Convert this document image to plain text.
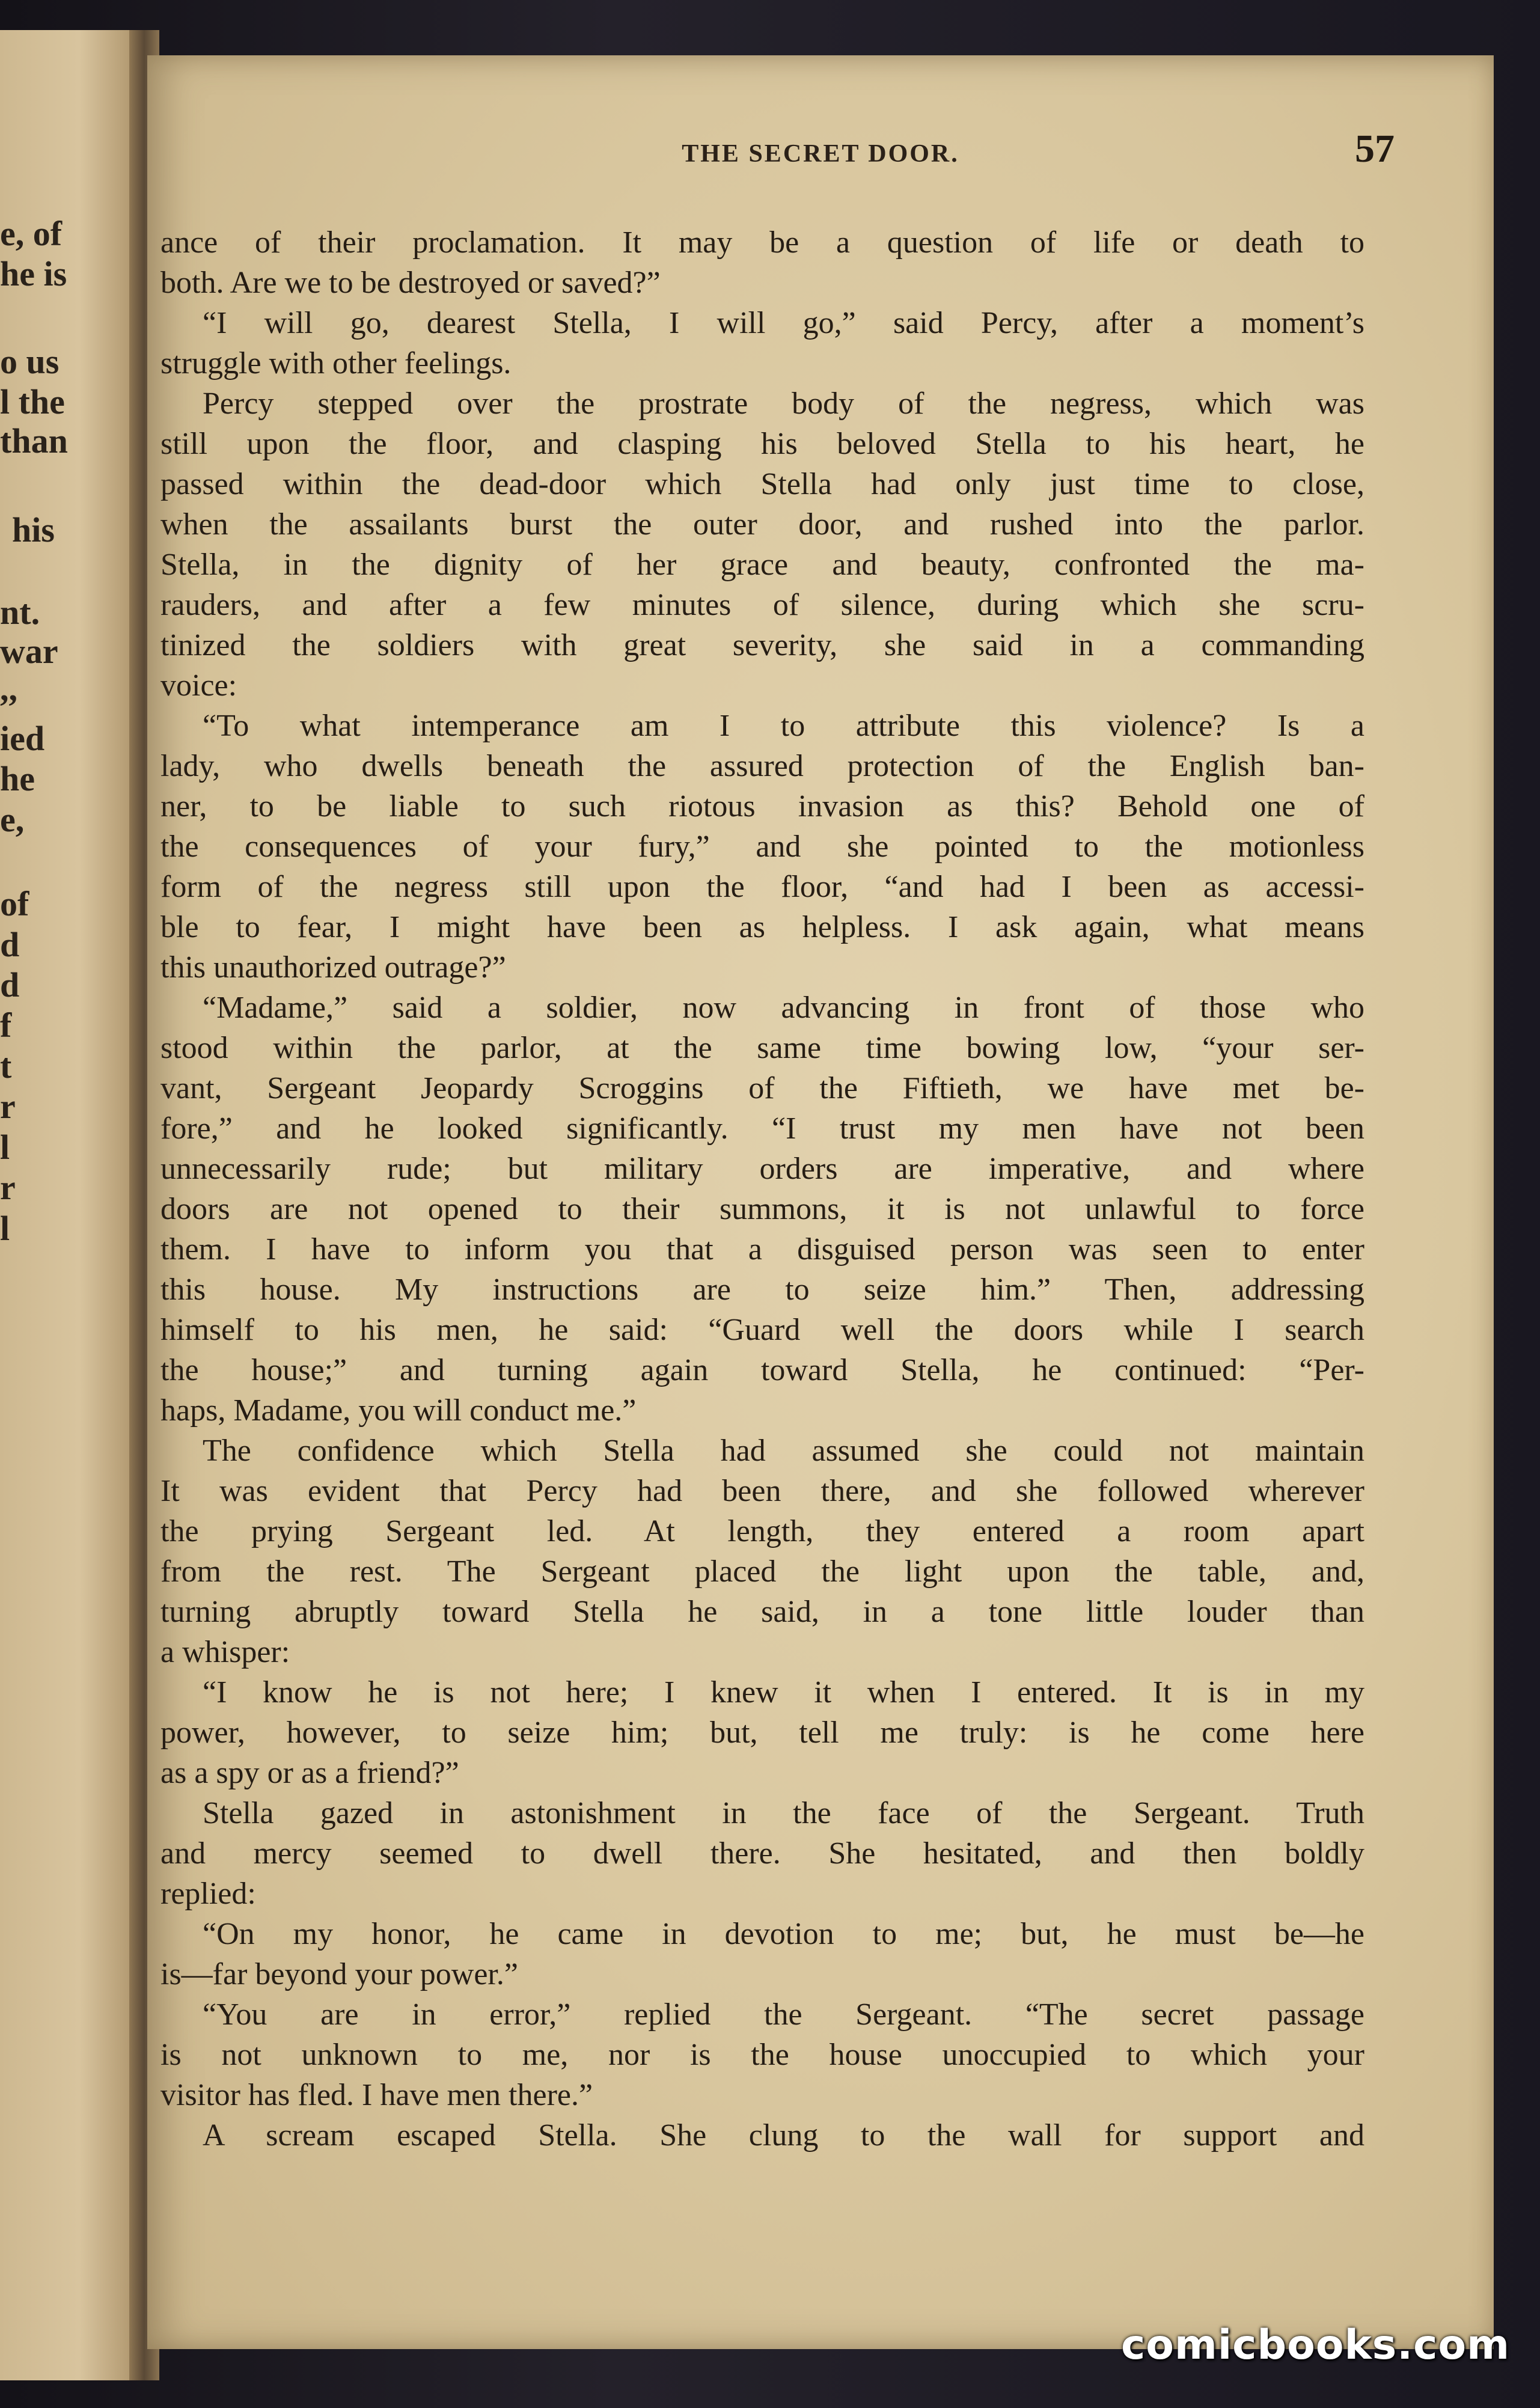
e, of
he is
o us
l the
than
his
nt.
war
,,
ied
he
e,
of
d
d
f
t
r
l
r
l
THE SECRET DOOR.	57
ance of their proclamation. It may be a question of life or death to
both. Are we to be destroyed or saved?”
“I will go, dearest Stella, I will go,” said Percy, after a moment’s
struggle with other feelings.
Percy stepped over the prostrate body of the negress, which was
still upon the floor, and clasping his beloved Stella to his heart, he
passed within the dead-door which Stella had only just time to close,
when the assailants burst the outer door, and rushed into the parlor.
Stella, in the dignity of her grace and beauty, confronted the ma-
rauders, and after a few minutes of silence, during which she scru-
tinized the soldiers with great severity, she said in a commanding
voice:
“To what intemperance am I to attribute this violence? Is a
lady, who dwells beneath the assured protection of the English ban-
ner, to be liable to such riotous invasion as this? Behold one of
the consequences of your fury,” and she pointed to the motionless
form of the negress still upon the floor, “and had I been as accessi-
ble to fear, I might have been as helpless. I ask again, what means
this unauthorized outrage?”
“Madame,” said a soldier, now advancing in front of those who
stood within the parlor, at the same time bowing low, “your ser-
vant, Sergeant Jeopardy Scroggins of the Fiftieth, we have met be-
fore,” and he looked significantly. “I trust my men have not been
unnecessarily rude; but military orders are imperative, and where
doors are not opened to their summons, it is not unlawful to force
them. I have to inform you that a disguised person was seen to enter
this house. My instructions are to seize him.” Then, addressing
himself to his men, he said: “Guard well the doors while I search
the house;” and turning again toward Stella, he continued: “Per-
haps, Madame, you will conduct me.”
The confidence which Stella had assumed she could not maintain
It was evident that Percy had been there, and she followed wherever
the prying Sergeant led. At length, they entered a room apart
from the rest. The Sergeant placed the light upon the table, and,
turning abruptly toward Stella he said, in a tone little louder than
a whisper:
“I know he is not here; I knew it when I entered. It is in my
power, however, to seize him; but, tell me truly: is he come here
as a spy or as a friend?”
Stella gazed in astonishment in the face of the Sergeant. Truth
and mercy seemed to dwell there. She hesitated, and then boldly
replied:
“On my honor, he came in devotion to me; but, he must be—he
is—far beyond your power.”
“You are in error,” replied the Sergeant. “The secret passage
is not unknown to me, nor is the house unoccupied to which your
visitor has fled. I have men there.”
A scream escaped Stella. She clung to the wall for support and
comicbooks.com
